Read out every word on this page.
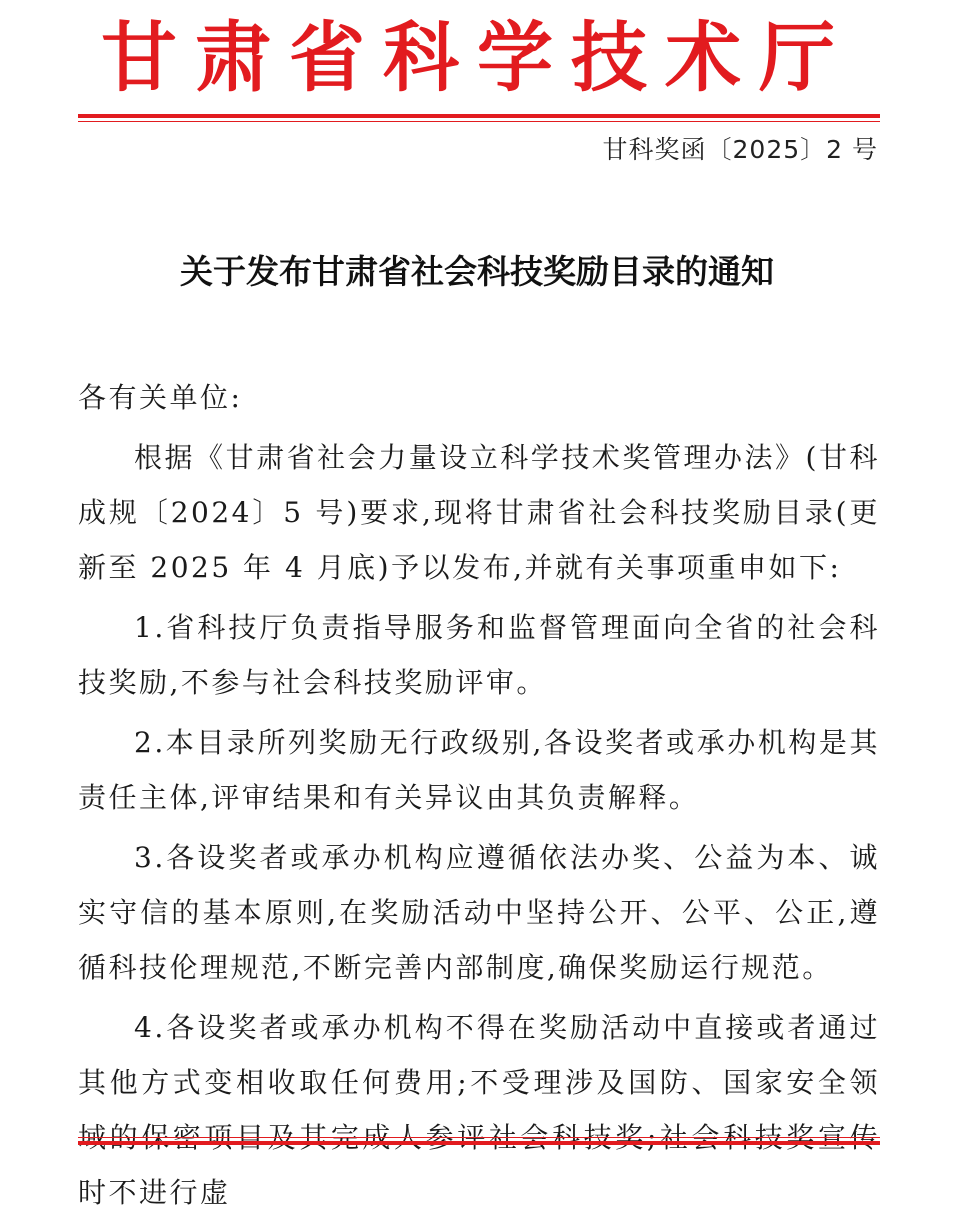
甘肃省科学技术厅
甘科奖函〔2025〕2 号
关于发布甘肃省社会科技奖励目录的通知

各有关单位:

根据《甘肃省社会力量设立科学技术奖管理办法》(甘科成规〔2024〕5 号)要求,现将甘肃省社会科技奖励目录(更新至 2025 年 4 月底)予以发布,并就有关事项重申如下:

1.省科技厅负责指导服务和监督管理面向全省的社会科技奖励,不参与社会科技奖励评审。

2.本目录所列奖励无行政级别,各设奖者或承办机构是其责任主体,评审结果和有关异议由其负责解释。

3.各设奖者或承办机构应遵循依法办奖、公益为本、诚实守信的基本原则,在奖励活动中坚持公开、公平、公正,遵循科技伦理规范,不断完善内部制度,确保奖励运行规范。

4.各设奖者或承办机构不得在奖励活动中直接或者通过其他方式变相收取任何费用;不受理涉及国防、国家安全领 时不进行虚
